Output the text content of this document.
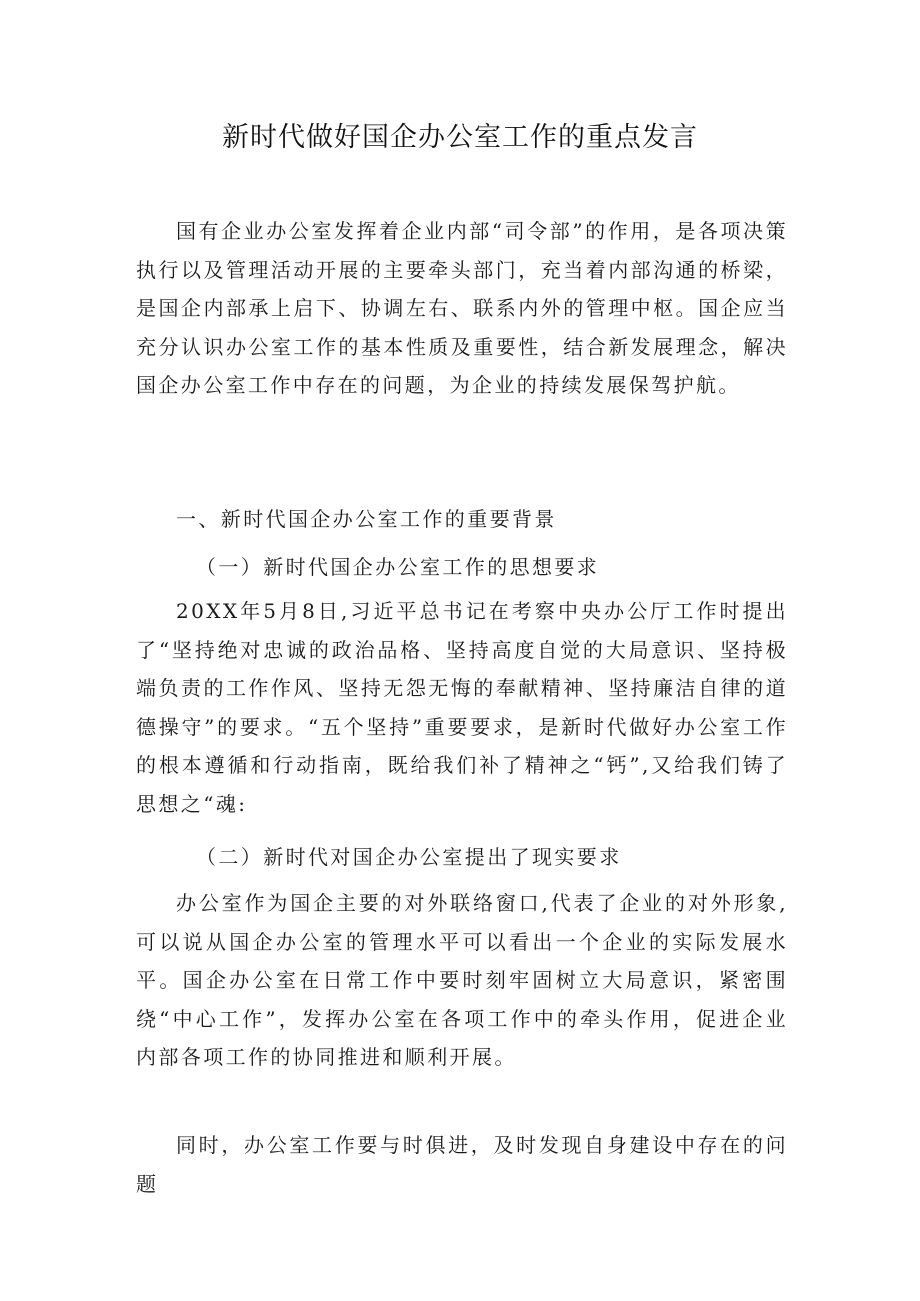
新时代做好国企办公室工作的重点发言

国有企业办公室发挥着企业内部“司令部”的作用，是各项决策执行以及管理活动开展的主要牵头部门，充当着内部沟通的桥梁，是国企内部承上启下、协调左右、联系内外的管理中枢。国企应当充分认识办公室工作的基本性质及重要性，结合新发展理念，解决国企办公室工作中存在的问题，为企业的持续发展保驾护航。

一、新时代国企办公室工作的重要背景

（一）新时代国企办公室工作的思想要求

20XX年5月8日,习近平总书记在考察中央办公厅工作时提出了“坚持绝对忠诚的政治品格、坚持高度自觉的大局意识、坚持极端负责的工作作风、坚持无怨无悔的奉献精神、坚持廉洁自律的道德操守”的要求。“五个坚持”重要要求，是新时代做好办公室工作的根本遵循和行动指南，既给我们补了精神之“钙”,又给我们铸了思想之“魂:

（二）新时代对国企办公室提出了现实要求

办公室作为国企主要的对外联络窗口,代表了企业的对外形象,可以说从国企办公室的管理水平可以看出一个企业的实际发展水平。国企办公室在日常工作中要时刻牢固树立大局意识，紧密围绕“中心工作”，发挥办公室在各项工作中的牵头作用，促进企业内部各项工作的协同推进和顺利开展。

同时，办公室工作要与时俱进，及时发现自身建设中存在的问题
